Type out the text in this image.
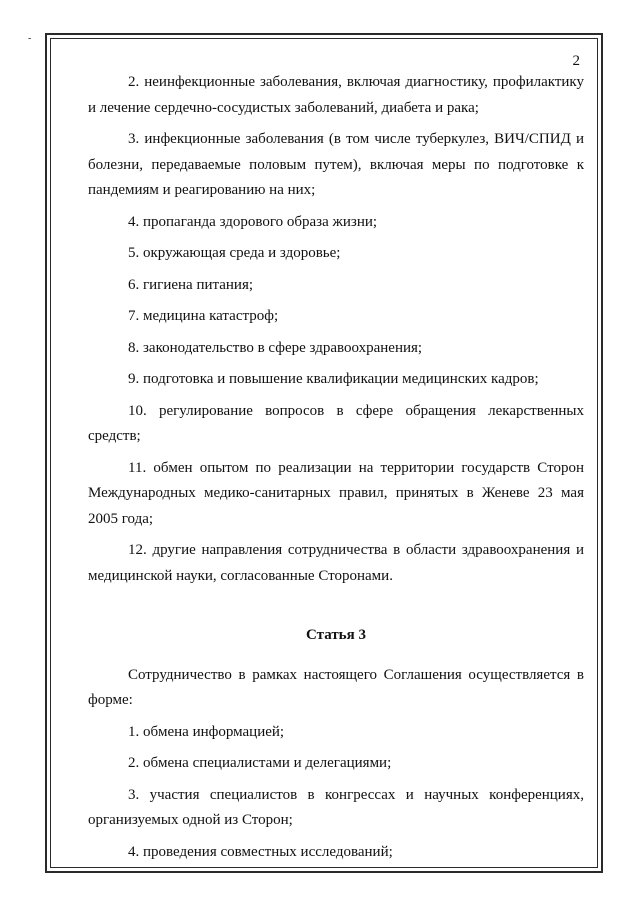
-
2

2. неинфекционные заболевания, включая диагностику, профилактику и лечение сердечно-сосудистых заболеваний, диабета и рака;

3. инфекционные заболевания (в том числе туберкулез, ВИЧ/СПИД и болезни, передаваемые половым путем), включая меры по подготовке к пандемиям и реагированию на них;

4. пропаганда здорового образа жизни;

5. окружающая среда и здоровье;

6. гигиена питания;

7. медицина катастроф;

8. законодательство в сфере здравоохранения;

9. подготовка и повышение квалификации медицинских кадров;

10. регулирование вопросов в сфере обращения лекарственных средств;

11. обмен опытом по реализации на территории государств Сторон Международных медико-санитарных правил, принятых в Женеве 23 мая 2005 года;

12. другие направления сотрудничества в области здравоохранения и медицинской науки, согласованные Сторонами.

Статья 3

Сотрудничество в рамках настоящего Соглашения осуществляется в форме:

1. обмена информацией;

2. обмена специалистами и делегациями;

3. участия специалистов в конгрессах и научных конференциях, организуемых одной из Сторон;

4. проведения совместных исследований;
